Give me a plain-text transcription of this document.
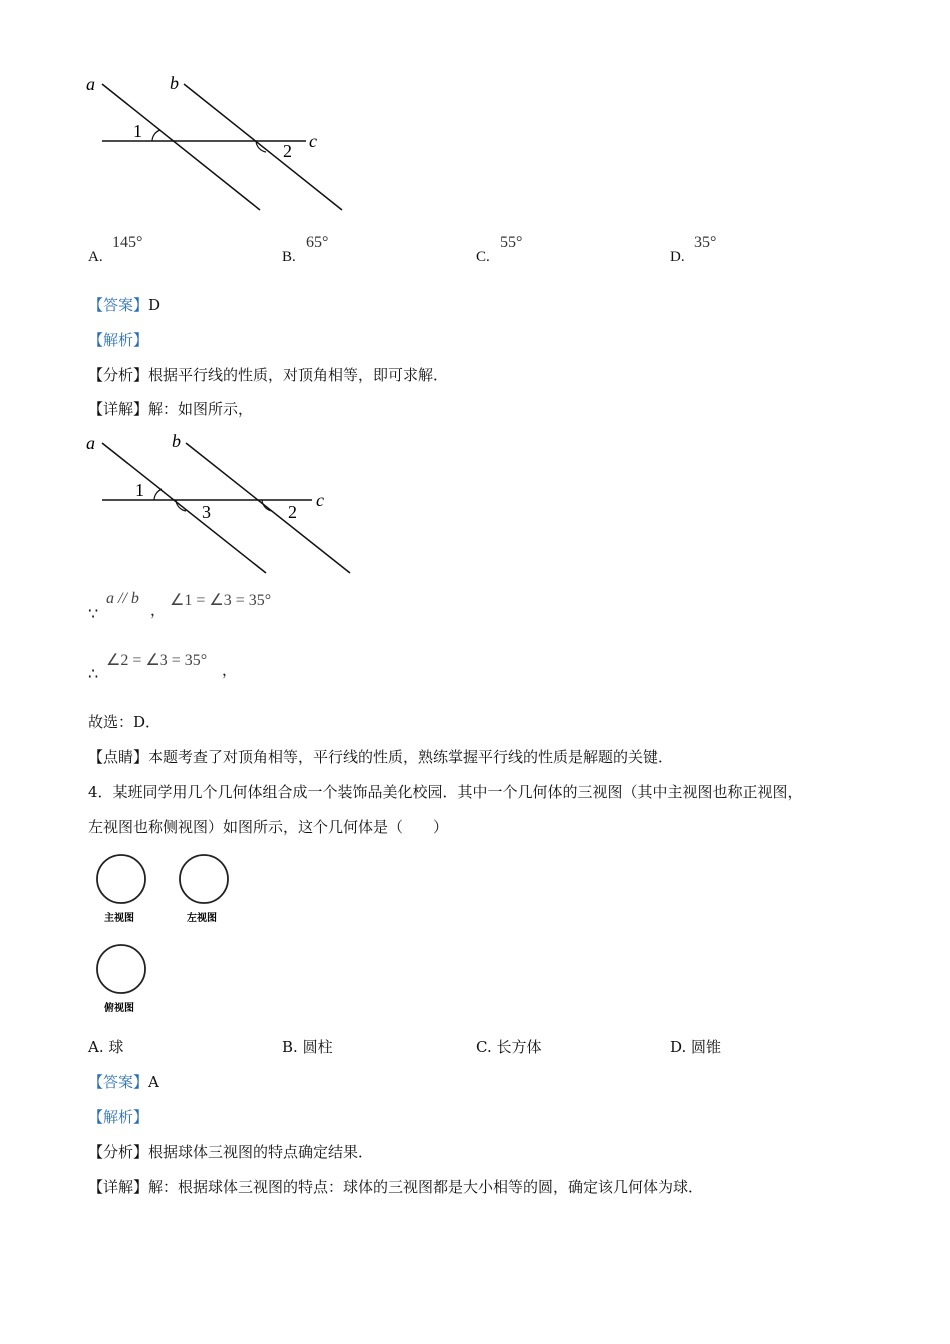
a	b
c
1
2
A.
145°
B.
65°
C.
55°
D.
35°
【答案】D
【解析】
【分析】根据平行线的性质，对顶角相等，即可求解．
【详解】解：如图所示，
a	b
c
1
3	2
∵
a // b
，
∠1 = ∠3 = 35°
∴
∠2 = ∠3 = 35°
，
故选：D．
【点睛】本题考查了对顶角相等，平行线的性质，熟练掌握平行线的性质是解题的关键．
4．某班同学用几个几何体组合成一个装饰品美化校园．其中一个几何体的三视图（其中主视图也称正视图，
左视图也称侧视图）如图所示，这个几何体是（　　）
主视图	左视图
俯视图
A. 球	B. 圆柱	C. 长方体	D. 圆锥
【答案】A
【解析】
【分析】根据球体三视图的特点确定结果．
【详解】解：根据球体三视图的特点：球体的三视图都是大小相等的圆，确定该几何体为球．
